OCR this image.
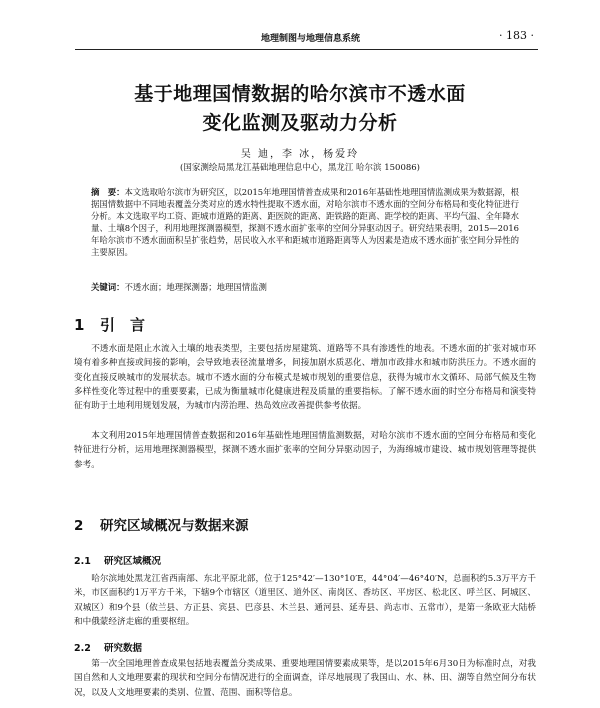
地理制图与地理信息系统	· 183 ·
基于地理国情数据的哈尔滨市不透水面
变化监测及驱动力分析
吴 迪，李 冰，杨爱玲
(国家测绘局黑龙江基础地理信息中心，黑龙江 哈尔滨 150086)
摘　要：本文选取哈尔滨市为研究区，以2015年地理国情普查成果和2016年基础性地理国情监测成果为数据源，根据国情数据中不同地表覆盖分类对应的透水特性提取不透水面，对哈尔滨市不透水面的空间分布格局和变化特征进行分析。本文选取平均工资、距城市道路的距离、距医院的距离、距铁路的距离、距学校的距离、平均气温、全年降水量、土壤8个因子，利用地理探测器模型，探测不透水面扩张率的空间分异驱动因子。研究结果表明，2015—2016年哈尔滨市不透水面面积呈扩张趋势，居民收入水平和距城市道路距离等人为因素是造成不透水面扩张空间分异性的主要原因。
关键词：不透水面；地理探测器；地理国情监测
1 引　言
不透水面是阻止水流入土壤的地表类型，主要包括房屋建筑、道路等不具有渗透性的地表。不透水面的扩张对城市环境有着多种直接或间接的影响，会导致地表径流量增多，间接加剧水质恶化、增加市政排水和城市防洪压力。不透水面的变化直接反映城市的发展状态。城市不透水面的分布模式是城市规划的重要信息，获得为城市水文循环、局部气候及生物多样性变化等过程中的重要要素，已成为衡量城市化健康进程及质量的重要指标。了解不透水面的时空分布格局和演变特征有助于土地利用规划发展，为城市内涝治理、热岛效应改善提供参考依据。
本文利用2015年地理国情普查数据和2016年基础性地理国情监测数据，对哈尔滨市不透水面的空间分布格局和变化特征进行分析，运用地理探测器模型，探测不透水面扩张率的空间分异驱动因子，为海绵城市建设、城市规划管理等提供参考。
2 研究区域概况与数据来源
2.1 研究区域概况
哈尔滨地处黑龙江省西南部、东北平原北部，位于125°42′—130°10′E，44°04′—46°40′N，总面积约5.3万平方千米，市区面积约1万平方千米，下辖9个市辖区（道里区、道外区、南岗区、香坊区、平房区、松北区、呼兰区、阿城区、双城区）和9个县（依兰县、方正县、宾县、巴彦县、木兰县、通河县、延寿县、尚志市、五常市），是第一条欧亚大陆桥和中俄蒙经济走廊的重要枢纽。
2.2 研究数据
第一次全国地理普查成果包括地表覆盖分类成果、重要地理国情要素成果等，是以2015年6月30日为标准时点，对我国自然和人文地理要素的现状和空间分布情况进行的全面调查，详尽地展现了我国山、水、林、田、湖等自然空间分布状况，以及人文地理要素的类别、位置、范围、面积等信息。
